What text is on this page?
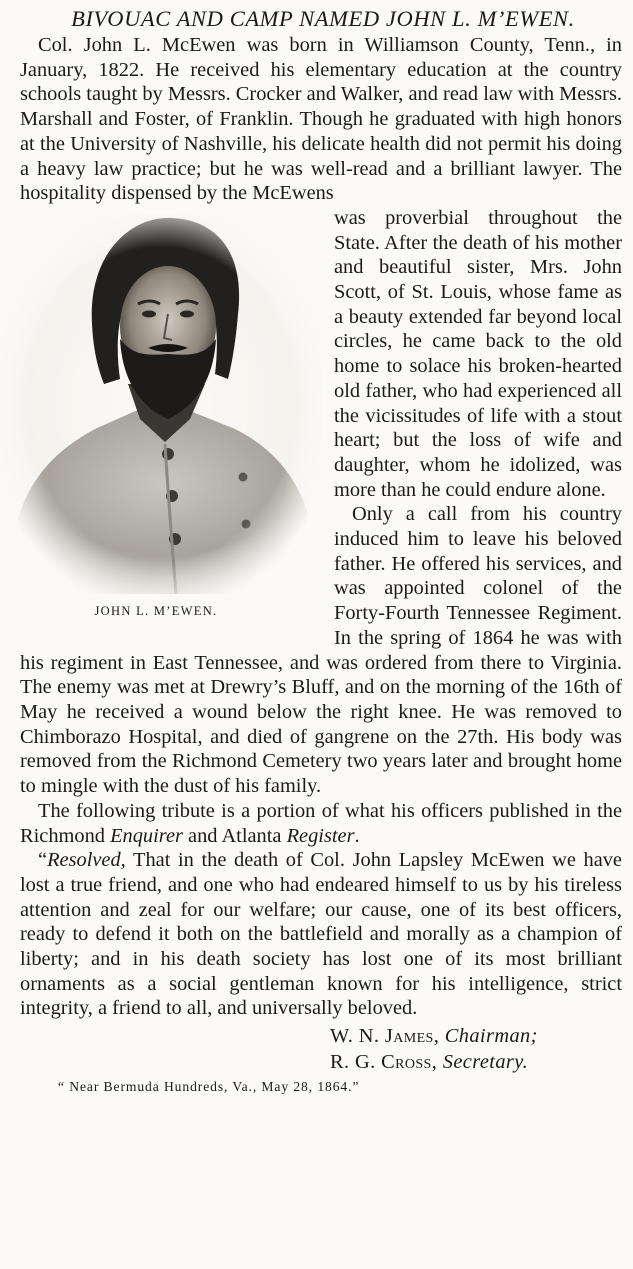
BIVOUAC AND CAMP NAMED JOHN L. M’EWEN.

Col. John L. McEwen was born in Williamson County, Tenn., in January, 1822. He received his elementary education at the country schools taught by Messrs. Crocker and Walker, and read law with Messrs. Marshall and Foster, of Franklin. Though he graduated with high honors at the University of Nashville, his delicate health did not permit his doing a heavy law practice; but he was well-read and a brilliant lawyer. The hospitality dispensed by the McEwens

JOHN L. M’EWEN.

was proverbial throughout the State. After the death of his mother and beautiful sister, Mrs. John Scott, of St. Louis, whose fame as a beauty extended far beyond local circles, he came back to the old home to solace his broken-hearted old father, who had experienced all the vicissitudes of life with a stout heart; but the loss of wife and daughter, whom he idolized, was more than he could endure alone.

Only a call from his country induced him to leave his beloved father. He offered his services, and was appointed colonel of the Forty-Fourth Tennessee Regiment. In the spring of 1864 he was with his regiment in East Tennessee, and was ordered from there to Virginia. The enemy was met at Drewry’s Bluff, and on the morning of the 16th of May he received a wound below the right knee. He was removed to Chimborazo Hospital, and died of gangrene on the 27th. His body was removed from the Richmond Cemetery two years later and brought home to mingle with the dust of his family.

The following tribute is a portion of what his officers published in the Richmond Enquirer and Atlanta Register.

“Resolved, That in the death of Col. John Lapsley McEwen we have lost a true friend, and one who had endeared himself to us by his tireless attention and zeal for our welfare; our cause, one of its best officers, ready to defend it both on the battlefield and morally as a champion of liberty; and in his death society has lost one of its most brilliant ornaments as a social gentleman known for his intelligence, strict integrity, a friend to all, and universally beloved.

W. N. James, Chairman;
R. G. Cross, Secretary.
“ Near Bermuda Hundreds, Va., May 28, 1864.”
